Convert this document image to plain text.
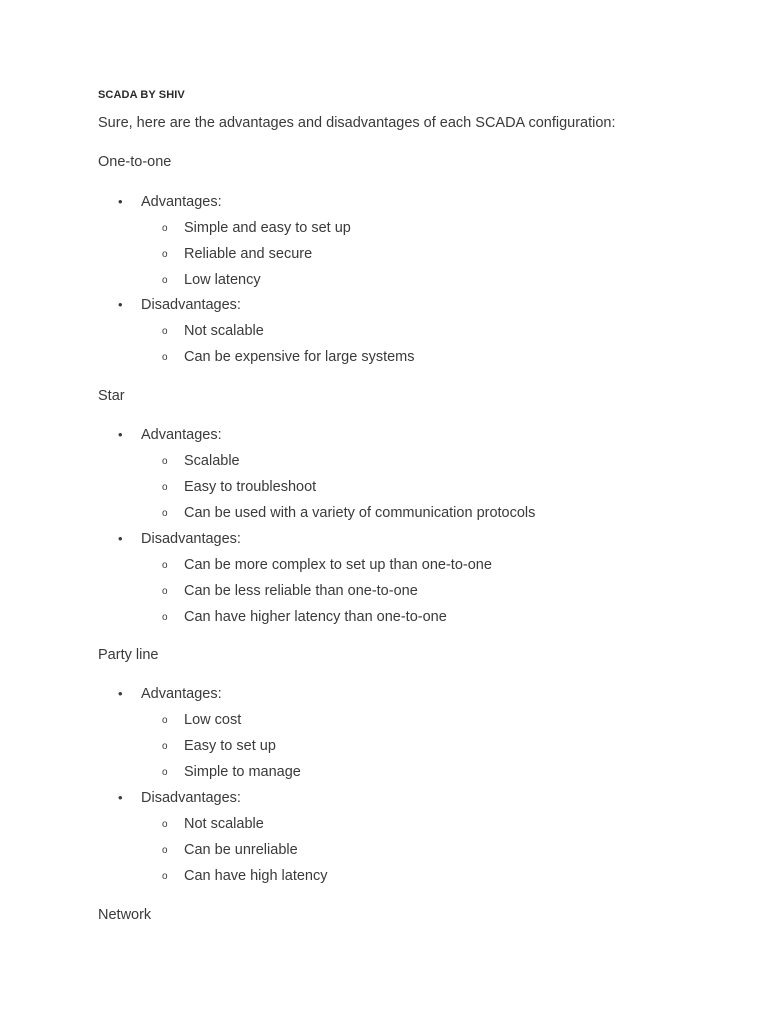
SCADA BY SHIV
Sure, here are the advantages and disadvantages of each SCADA configuration:
One-to-one
• Advantages:
o Simple and easy to set up
o Reliable and secure
o Low latency
• Disadvantages:
o Not scalable
o Can be expensive for large systems
Star
• Advantages:
o Scalable
o Easy to troubleshoot
o Can be used with a variety of communication protocols
• Disadvantages:
o Can be more complex to set up than one-to-one
o Can be less reliable than one-to-one
o Can have higher latency than one-to-one
Party line
• Advantages:
o Low cost
o Easy to set up
o Simple to manage
• Disadvantages:
o Not scalable
o Can be unreliable
o Can have high latency
Network
